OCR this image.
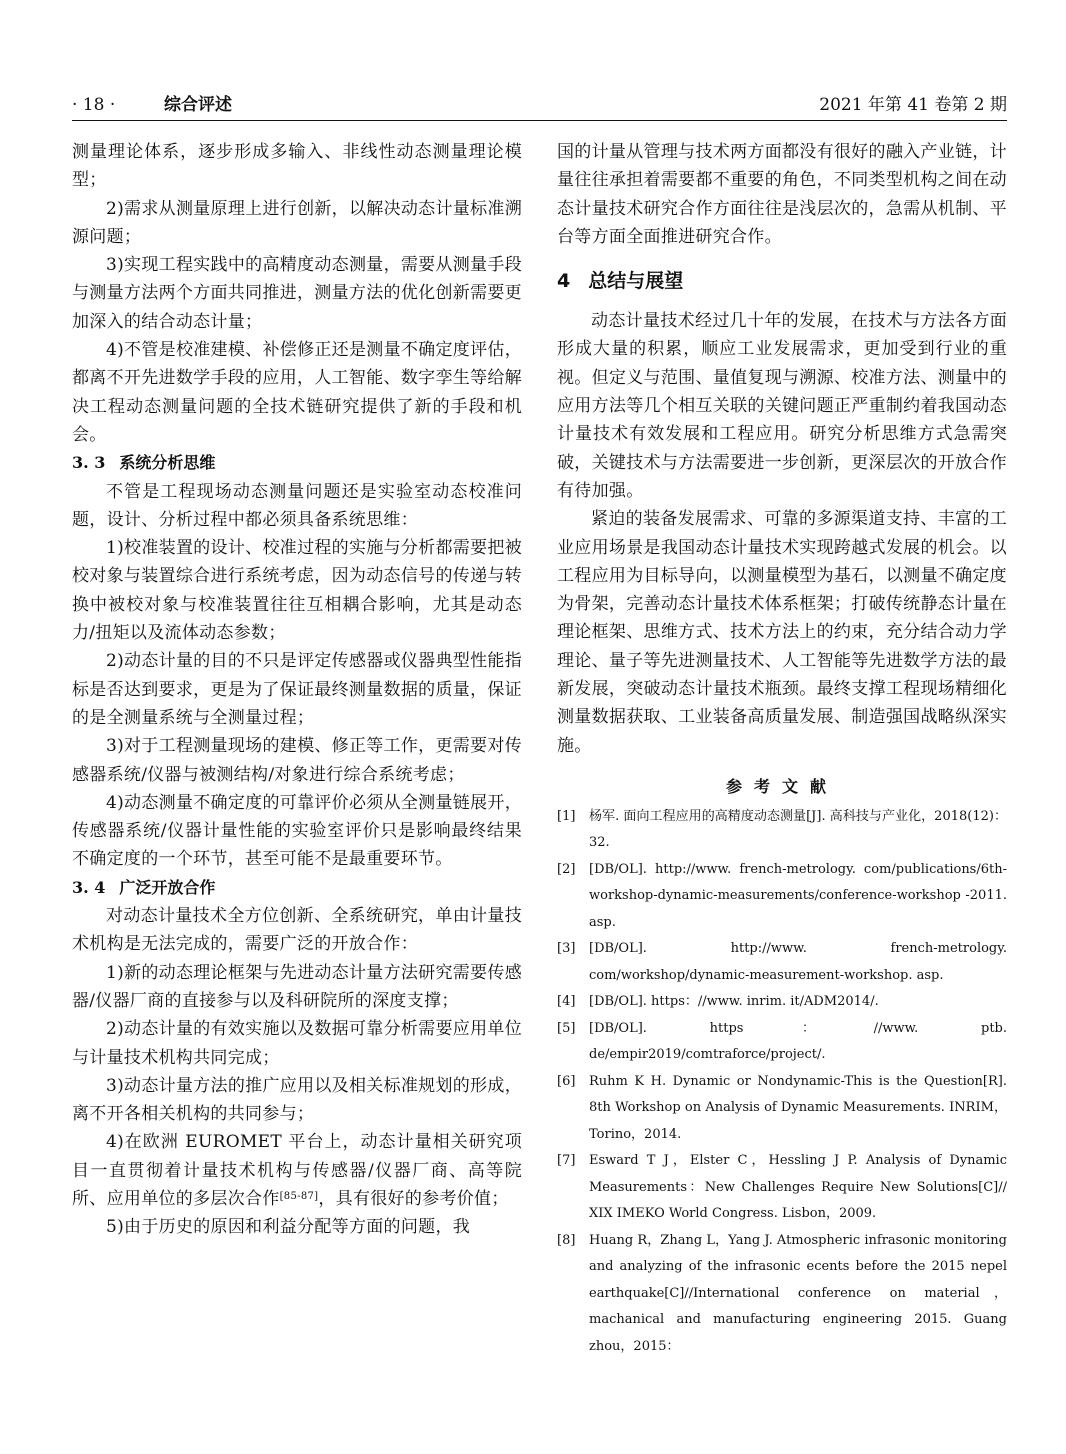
· 18 ·	综合评述	2021 年第 41 卷第 2 期

测量理论体系，逐步形成多输入、非线性动态测量理论模型；

2)需求从测量原理上进行创新，以解决动态计量标准溯源问题；

3)实现工程实践中的高精度动态测量，需要从测量手段与测量方法两个方面共同推进，测量方法的优化创新需要更加深入的结合动态计量；

4)不管是校准建模、补偿修正还是测量不确定度评估，都离不开先进数学手段的应用，人工智能、数字孪生等给解决工程动态测量问题的全技术链研究提供了新的手段和机会。

3. 3 系统分析思维

不管是工程现场动态测量问题还是实验室动态校准问题，设计、分析过程中都必须具备系统思维：

1)校准装置的设计、校准过程的实施与分析都需要把被校对象与装置综合进行系统考虑，因为动态信号的传递与转换中被校对象与校准装置往往互相耦合影响，尤其是动态力/扭矩以及流体动态参数；

2)动态计量的目的不只是评定传感器或仪器典型性能指标是否达到要求，更是为了保证最终测量数据的质量，保证的是全测量系统与全测量过程；

3)对于工程测量现场的建模、修正等工作，更需要对传感器系统/仪器与被测结构/对象进行综合系统考虑；

4)动态测量不确定度的可靠评价必须从全测量链展开，传感器系统/仪器计量性能的实验室评价只是影响最终结果不确定度的一个环节，甚至可能不是最重要环节。

3. 4 广泛开放合作

对动态计量技术全方位创新、全系统研究，单由计量技术机构是无法完成的，需要广泛的开放合作：

1)新的动态理论框架与先进动态计量方法研究需要传感器/仪器厂商的直接参与以及科研院所的深度支撑；

2)动态计量的有效实施以及数据可靠分析需要应用单位与计量技术机构共同完成；

3)动态计量方法的推广应用以及相关标准规划的形成，离不开各相关机构的共同参与；

4)在欧洲 EUROMET 平台上，动态计量相关研究项目一直贯彻着计量技术机构与传感器/仪器厂商、高等院所、应用单位的多层次合作[85-87]，具有很好的参考价值；

5)由于历史的原因和利益分配等方面的问题，我

国的计量从管理与技术两方面都没有很好的融入产业链，计量往往承担着需要都不重要的角色，不同类型机构之间在动态计量技术研究合作方面往往是浅层次的，急需从机制、平台等方面全面推进研究合作。

4 总结与展望

动态计量技术经过几十年的发展，在技术与方法各方面形成大量的积累，顺应工业发展需求，更加受到行业的重视。但定义与范围、量值复现与溯源、校准方法、测量中的应用方法等几个相互关联的关键问题正严重制约着我国动态计量技术有效发展和工程应用。研究分析思维方式急需突破，关键技术与方法需要进一步创新，更深层次的开放合作有待加强。

紧迫的装备发展需求、可靠的多源渠道支持、丰富的工业应用场景是我国动态计量技术实现跨越式发展的机会。以工程应用为目标导向，以测量模型为基石，以测量不确定度为骨架，完善动态计量技术体系框架；打破传统静态计量在理论框架、思维方式、技术方法上的约束，充分结合动力学理论、量子等先进测量技术、人工智能等先进数学方法的最新发展，突破动态计量技术瓶颈。最终支撑工程现场精细化测量数据获取、工业装备高质量发展、制造强国战略纵深实施。

参考文献
[1] 杨军. 面向工程应用的高精度动态测量[J]. 高科技与产业化，2018(12)：32.
[2] [DB/OL]. http://www. french-metrology. com/publications/6th-workshop-dynamic-measurements/conference-workshop -2011. asp.
[3] [DB/OL]. http://www. french-metrology. com/workshop/dynamic-measurement-workshop. asp.
[4] [DB/OL]. https：//www. inrim. it/ADM2014/.
[5] [DB/OL]. https：//www. ptb. de/empir2019/comtraforce/project/.
[6] Ruhm K H. Dynamic or Nondynamic-This is the Question[R]. 8th Workshop on Analysis of Dynamic Measurements. INRIM，Torino，2014.
[7] Esward T J，Elster C，Hessling J P. Analysis of Dynamic Measurements：New Challenges Require New Solutions[C]// XIX IMEKO World Congress. Lisbon，2009.
[8] Huang R，Zhang L，Yang J. Atmospheric infrasonic monitoring and analyzing of the infrasonic ecents before the 2015 nepel earthquake[C]//International conference on material，machanical and manufacturing engineering 2015. Guang zhou，2015：
